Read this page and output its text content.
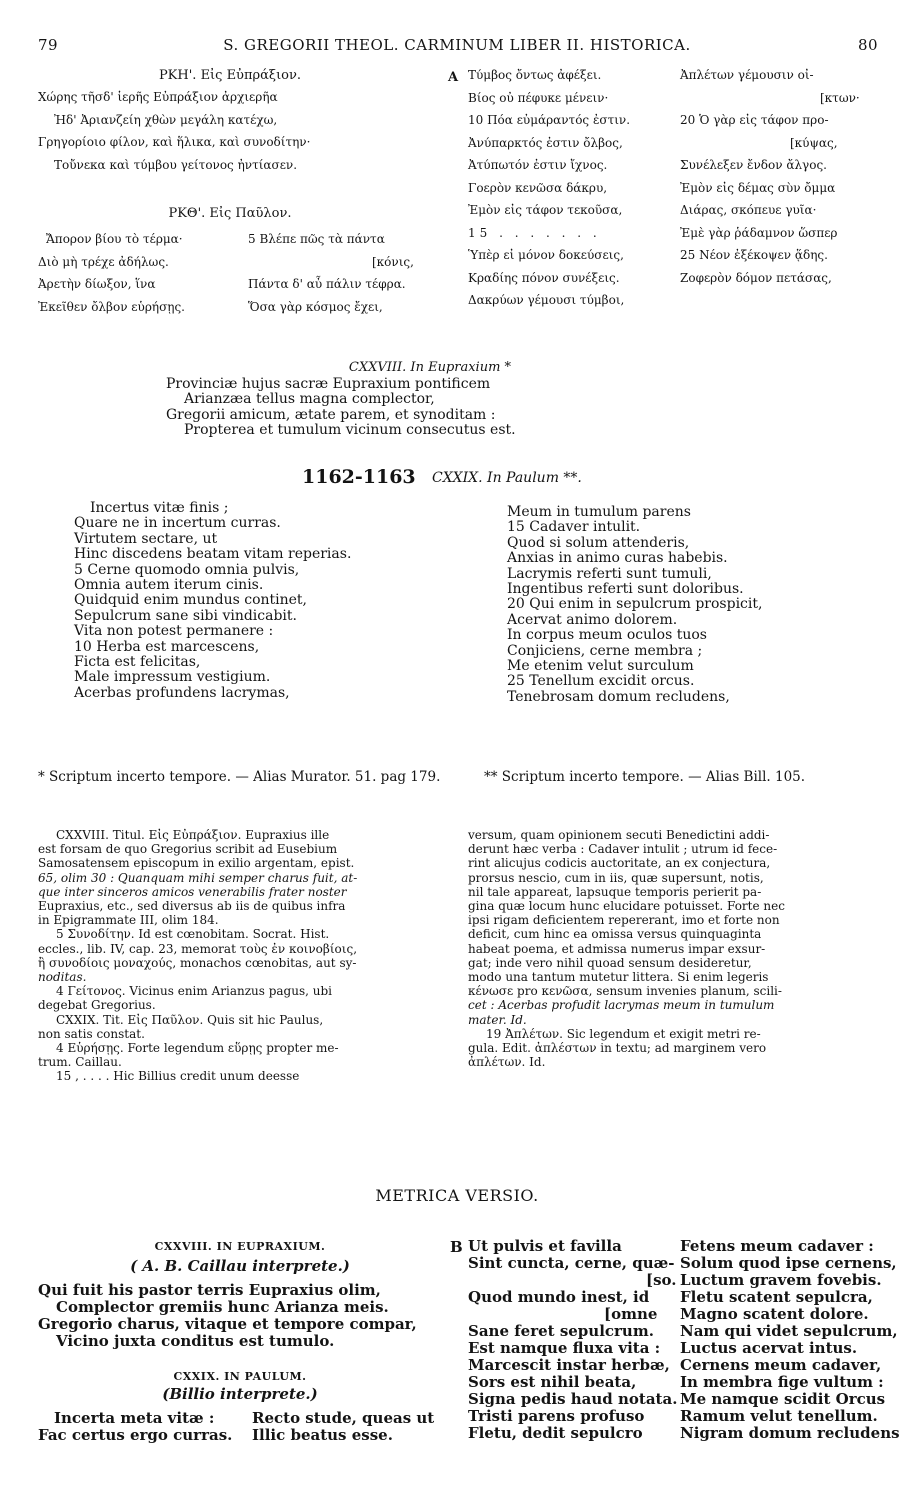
79	S. GREGORII THEOL. CARMINUM LIBER II. HISTORICA.	80
ΡΚΗ'. Εἰς Εὐπράξιον.
Χώρης τῆσδ' ἱερῆς Εὐπράξιον ἀρχιερῆα
Ἠδ' Ἀριανζείη χθὼν μεγάλη κατέχω,
Γρηγορίοιο φίλον, καὶ ἥλικα, καὶ συνοδίτην·
Τοὔνεκα καὶ τύμβου γείτονος ἠντίασεν.
ΡΚΘ'. Εἰς Παῦλον.
Ἄπορον βίου τὸ τέρμα·
Διὸ μὴ τρέχε ἀδήλως.
Ἀρετὴν δίωξον, ἵνα
Ἐκεῖθεν ὄλβον εὑρήσῃς.
5 Βλέπε πῶς τὰ πάντα
[κόνις,
Πάντα δ' αὖ πάλιν τέφρα.
Ὅσα γὰρ κόσμος ἔχει,
A Τύμβος ὄντως ἀφέξει.
Βίος οὐ πέφυκε μένειν·
10 Πόα εὐμάραντός ἐστιν.
Ἀνύπαρκτός ἐστιν ὄλβος,
Ἀτύπωτόν ἐστιν ἴχνος.
Γοερὸν κενῶσα δάκρυ,
Ἐμὸν εἰς τάφον τεκοῦσα,
15 . . . . . . .
Ὑπὲρ εἰ μόνον δοκεύσεις,
Κραδίης πόνον συνέξεις.
Δακρύων γέμουσι τύμβοι,
Ἀπλέτων γέμουσιν οἰ-
[κτων·
20 Ὁ γὰρ εἰς τάφον προ-
[κύψας,
Συνέλεξεν ἔνδον ἄλγος.
Ἐμὸν εἰς δέμας σὺν ὄμμα
Διάρας, σκόπευε γυῖα·
Ἐμὲ γὰρ ῥάδαμνον ὥσπερ
25 Νέον ἐξέκοψεν ᾅδης.
Ζοφερὸν δόμον πετάσας,
CXXVIII. In Eupraxium *
Provinciæ hujus sacræ Eupraxium pontificem
Arianzæa tellus magna complector,
Gregorii amicum, ætate parem, et synoditam :
Propterea et tumulum vicinum consecutus est.
1162-1163 CXXIX. In Paulum **.
Incertus vitæ finis ;
Quare ne in incertum curras.
Virtutem sectare, ut
Hinc discedens beatam vitam reperias.
5 Cerne quomodo omnia pulvis,
Omnia autem iterum cinis.
Quidquid enim mundus continet,
Sepulcrum sane sibi vindicabit.
Vita non potest permanere :
10 Herba est marcescens,
Ficta est felicitas,
Male impressum vestigium.
Acerbas profundens lacrymas,
Meum in tumulum parens
15 Cadaver intulit.
Quod si solum attenderis,
Anxias in animo curas habebis.
Lacrymis referti sunt tumuli,
Ingentibus referti sunt doloribus.
20 Qui enim in sepulcrum prospicit,
Acervat animo dolorem.
In corpus meum oculos tuos
Conjiciens, cerne membra ;
Me etenim velut surculum
25 Tenellum excidit orcus.
Tenebrosam domum recludens,
* Scriptum incerto tempore. — Alias Murator. 51. pag 179.	** Scriptum incerto tempore. — Alias Bill. 105.
CXXVIII. Titul. Εἰς Εὐπράξιον. Eupraxius ille
est forsam de quo Gregorius scribit ad Eusebium
Samosatensem episcopum in exilio argentam, epist.
65, olim 30 : Quanquam mihi semper charus fuit, at-
que inter sinceros amicos venerabilis frater noster
Eupraxius, etc., sed diversus ab iis de quibus infra
in Epigrammate III, olim 184.
5 Συνοδίτην. Id est cœnobitam. Socrat. Hist.
eccles., lib. IV, cap. 23, memorat τοὺς ἐν κοινοβίοις,
ἢ συνοδίοις μοναχούς, monachos cœnobitas, aut sy-
noditas.
4 Γείτονος. Vicinus enim Arianzus pagus, ubi
degebat Gregorius.
CXXIX. Tit. Εἰς Παῦλον. Quis sit hic Paulus,
non satis constat.
4 Εὑρήσῃς. Forte legendum εὕρῃς propter me-
trum. Caillau.
15 , . . . . Hic Billius credit unum deesse
versum, quam opinionem secuti Benedictini addi-
derunt hæc verba : Cadaver intulit ; utrum id fece-
rint alicujus codicis auctoritate, an ex conjectura,
prorsus nescio, cum in iis, quæ supersunt, notis,
nil tale appareat, lapsuque temporis perierit pa-
gina quæ locum hunc elucidare potuisset. Forte nec
ipsi rigam deficientem repererant, imo et forte non
deficit, cum hinc ea omissa versus quinquaginta
habeat poema, et admissa numerus impar exsur-
gat; inde vero nihil quoad sensum desideretur,
modo una tantum mutetur littera. Si enim legeris
κένωσε pro κενῶσα, sensum invenies planum, scili-
cet : Acerbas profudit lacrymas meum in tumulum
mater. Id.
19 Ἀπλέτων. Sic legendum et exigit metri re-
gula. Edit. ἀπλέστων in textu; ad marginem vero
ἀπλέτων. Id.
METRICA VERSIO.
CXXVIII. IN EUPRAXIUM.
( A. B. Caillau interprete.)
Qui fuit his pastor terris Eupraxius olim,
Complector gremiis hunc Arianza meis.
Gregorio charus, vitaque et tempore compar,
Vicino juxta conditus est tumulo.
CXXIX. IN PAULUM.
(Billio interprete.)
Incerta meta vitæ :
Fac certus ergo curras.
Recto stude, queas ut
Illic beatus esse.
B Ut pulvis et favilla
Sint cuncta, cerne, quæ-
[so.
Quod mundo inest, id
[omne
Sane feret sepulcrum.
Est namque fluxa vita :
Marcescit instar herbæ,
Sors est nihil beata,
Signa pedis haud notata.
Tristi parens profuso
Fletu, dedit sepulcro
Fetens meum cadaver :
Solum quod ipse cernens,
Luctum gravem fovebis.
Fletu scatent sepulcra,
Magno scatent dolore.
Nam qui videt sepulcrum,
Luctus acervat intus.
Cernens meum cadaver,
In membra fige vultum :
Me namque scidit Orcus
Ramum velut tenellum.
Nigram domum recludens
